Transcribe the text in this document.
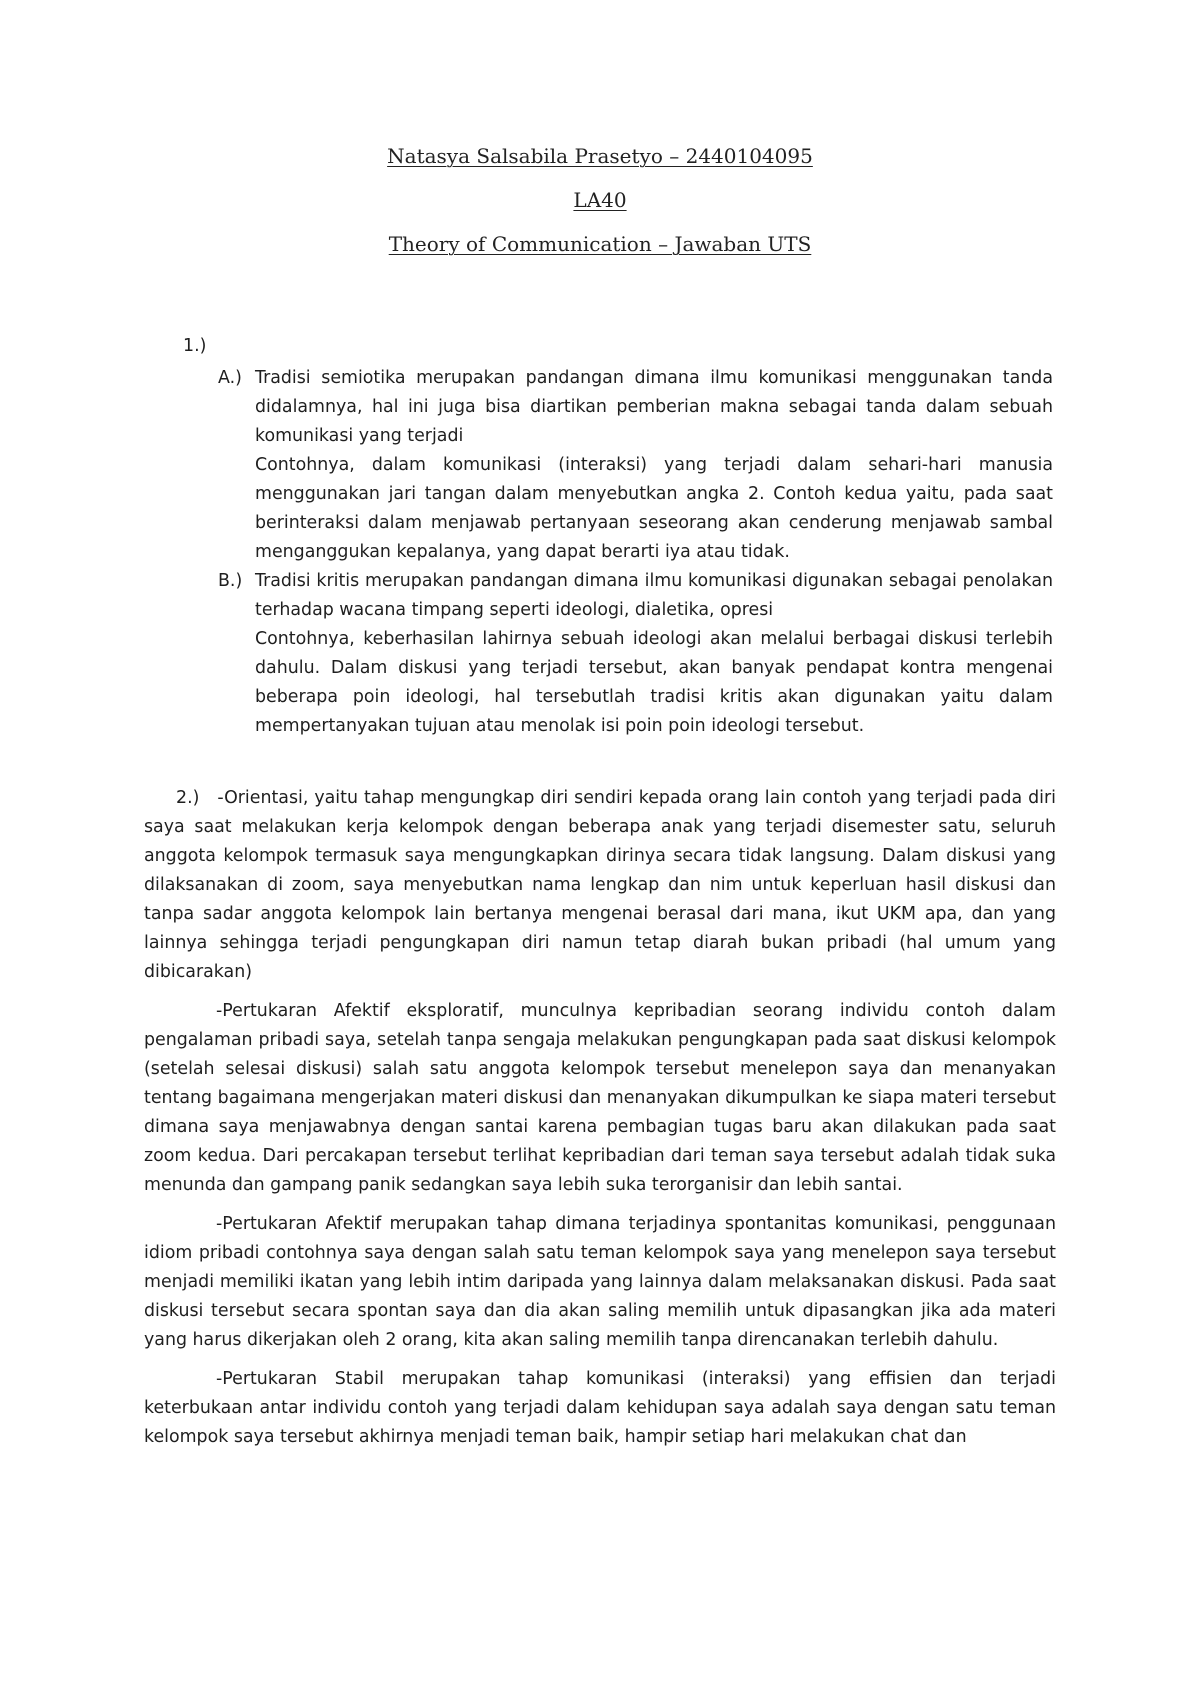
Natasya Salsabila Prasetyo – 2440104095
LA40
Theory of Communication – Jawaban UTS
1.)
A.) Tradisi semiotika merupakan pandangan dimana ilmu komunikasi menggunakan tanda didalamnya, hal ini juga bisa diartikan pemberian makna sebagai tanda dalam sebuah komunikasi yang terjadi

Contohnya, dalam komunikasi (interaksi) yang terjadi dalam sehari-hari manusia menggunakan jari tangan dalam menyebutkan angka 2. Contoh kedua yaitu, pada saat berinteraksi dalam menjawab pertanyaan seseorang akan cenderung menjawab sambal menganggukan kepalanya, yang dapat berarti iya atau tidak.

B.) Tradisi kritis merupakan pandangan dimana ilmu komunikasi digunakan sebagai penolakan terhadap wacana timpang seperti ideologi, dialetika, opresi

Contohnya, keberhasilan lahirnya sebuah ideologi akan melalui berbagai diskusi terlebih dahulu. Dalam diskusi yang terjadi tersebut, akan banyak pendapat kontra mengenai beberapa poin ideologi, hal tersebutlah tradisi kritis akan digunakan yaitu dalam mempertanyakan tujuan atau menolak isi poin poin ideologi tersebut.

2.) -Orientasi, yaitu tahap mengungkap diri sendiri kepada orang lain contoh yang terjadi pada diri saya saat melakukan kerja kelompok dengan beberapa anak yang terjadi disemester satu, seluruh anggota kelompok termasuk saya mengungkapkan dirinya secara tidak langsung. Dalam diskusi yang dilaksanakan di zoom, saya menyebutkan nama lengkap dan nim untuk keperluan hasil diskusi dan tanpa sadar anggota kelompok lain bertanya mengenai berasal dari mana, ikut UKM apa, dan yang lainnya sehingga terjadi pengungkapan diri namun tetap diarah bukan pribadi (hal umum yang dibicarakan)

-Pertukaran Afektif eksploratif, munculnya kepribadian seorang individu contoh dalam pengalaman pribadi saya, setelah tanpa sengaja melakukan pengungkapan pada saat diskusi kelompok (setelah selesai diskusi) salah satu anggota kelompok tersebut menelepon saya dan menanyakan tentang bagaimana mengerjakan materi diskusi dan menanyakan dikumpulkan ke siapa materi tersebut dimana saya menjawabnya dengan santai karena pembagian tugas baru akan dilakukan pada saat zoom kedua. Dari percakapan tersebut terlihat kepribadian dari teman saya tersebut adalah tidak suka menunda dan gampang panik sedangkan saya lebih suka terorganisir dan lebih santai.

-Pertukaran Afektif merupakan tahap dimana terjadinya spontanitas komunikasi, penggunaan idiom pribadi contohnya saya dengan salah satu teman kelompok saya yang menelepon saya tersebut menjadi memiliki ikatan yang lebih intim daripada yang lainnya dalam melaksanakan diskusi. Pada saat diskusi tersebut secara spontan saya dan dia akan saling memilih untuk dipasangkan jika ada materi yang harus dikerjakan oleh 2 orang, kita akan saling memilih tanpa direncanakan terlebih dahulu.

-Pertukaran Stabil merupakan tahap komunikasi (interaksi) yang effisien dan terjadi keterbukaan antar individu contoh yang terjadi dalam kehidupan saya adalah saya dengan satu teman kelompok saya tersebut akhirnya menjadi teman baik, hampir setiap hari melakukan chat dan
